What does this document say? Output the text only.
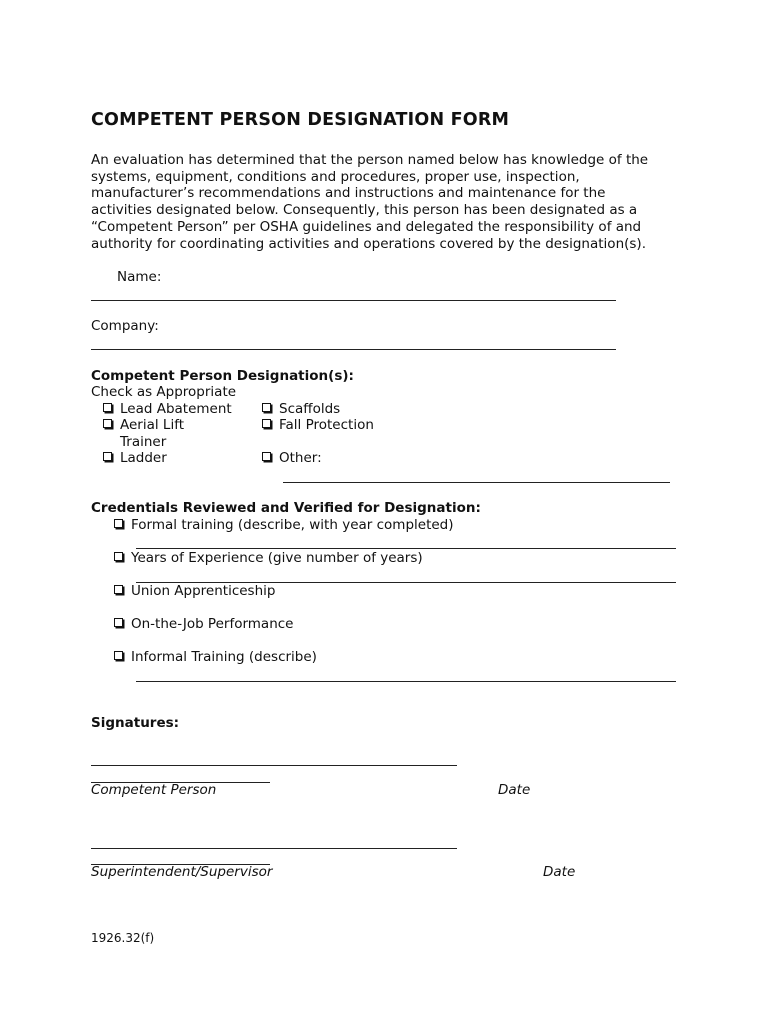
COMPETENT PERSON DESIGNATION FORM
An evaluation has determined that the person named below has knowledge of the
systems, equipment, conditions and procedures, proper use, inspection,
manufacturer’s recommendations and instructions and maintenance for the
activities designated below. Consequently, this person has been designated as a
“Competent Person” per OSHA guidelines and delegated the responsibility of and
authority for coordinating activities and operations covered by the designation(s).
Name:
Company:
Competent Person Designation(s):
Check as Appropriate
Lead Abatement
Aerial Lift
Trainer
Ladder
Scaffolds
Fall Protection
Other:
Credentials Reviewed and Verified for Designation:
Formal training (describe, with year completed)
Years of Experience (give number of years)
Union Apprenticeship
On-the-Job Performance
Informal Training (describe)
Signatures:
Competent Person	Date
Superintendent/Supervisor	Date
1926.32(f)
